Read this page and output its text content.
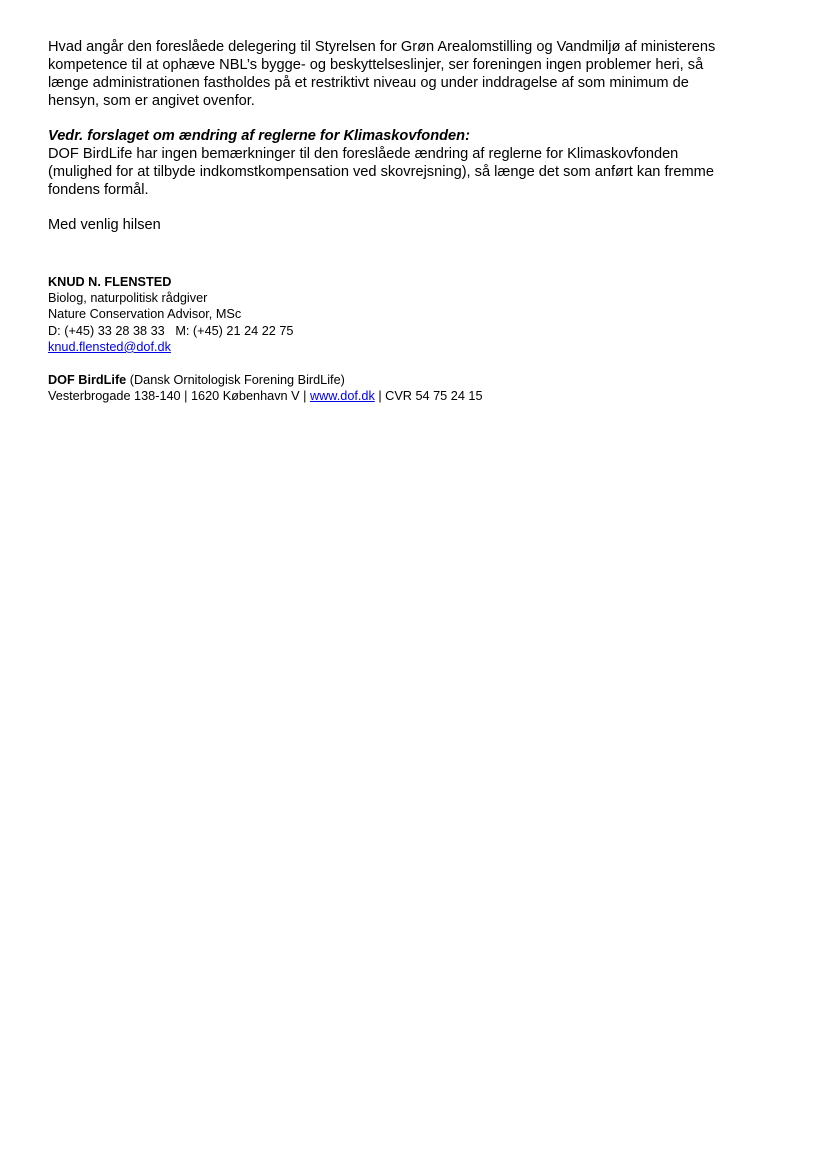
Hvad angår den foreslåede delegering til Styrelsen for Grøn Arealomstilling og Vandmiljø af ministerens
kompetence til at ophæve NBL’s bygge- og beskyttelseslinjer, ser foreningen ingen problemer heri, så
længe administrationen fastholdes på et restriktivt niveau og under inddragelse af som minimum de
hensyn, som er angivet ovenfor.

Vedr. forslaget om ændring af reglerne for Klimaskovfonden:
DOF BirdLife har ingen bemærkninger til den foreslåede ændring af reglerne for Klimaskovfonden
(mulighed for at tilbyde indkomstkompensation ved skovrejsning), så længe det som anført kan fremme
fondens formål.

Med venlig hilsen

KNUD N. FLENSTED
Biolog, naturpolitisk rådgiver
Nature Conservation Advisor, MSc
D: (+45) 33 28 38 33 M: (+45) 21 24 22 75
knud.flensted@dof.dk
DOF BirdLife (Dansk Ornitologisk Forening BirdLife)
Vesterbrogade 138-140 | 1620 København V | www.dof.dk | CVR 54 75 24 15
